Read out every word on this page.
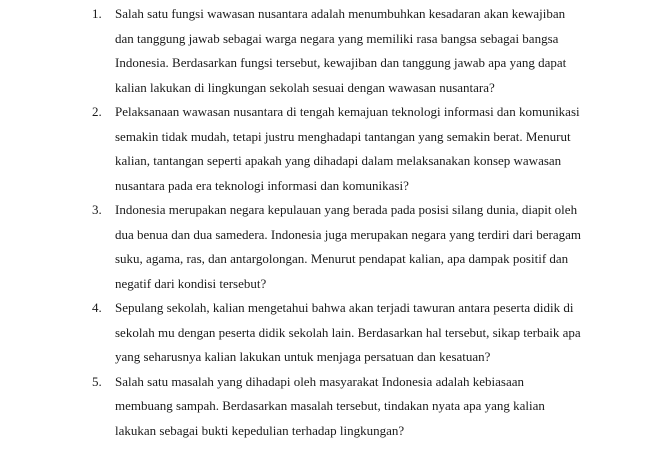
1. Salah satu fungsi wawasan nusantara adalah menumbuhkan kesadaran akan kewajiban
dan tanggung jawab sebagai warga negara yang memiliki rasa bangsa sebagai bangsa
Indonesia. Berdasarkan fungsi tersebut, kewajiban dan tanggung jawab apa yang dapat
kalian lakukan di lingkungan sekolah sesuai dengan wawasan nusantara?
2. Pelaksanaan wawasan nusantara di tengah kemajuan teknologi informasi dan komunikasi
semakin tidak mudah, tetapi justru menghadapi tantangan yang semakin berat. Menurut
kalian, tantangan seperti apakah yang dihadapi dalam melaksanakan konsep wawasan
nusantara pada era teknologi informasi dan komunikasi?
3. Indonesia merupakan negara kepulauan yang berada pada posisi silang dunia, diapit oleh
dua benua dan dua samedera. Indonesia juga merupakan negara yang terdiri dari beragam
suku, agama, ras, dan antargolongan. Menurut pendapat kalian, apa dampak positif dan
negatif dari kondisi tersebut?
4. Sepulang sekolah, kalian mengetahui bahwa akan terjadi tawuran antara peserta didik di
sekolah mu dengan peserta didik sekolah lain. Berdasarkan hal tersebut, sikap terbaik apa
yang seharusnya kalian lakukan untuk menjaga persatuan dan kesatuan?
5. Salah satu masalah yang dihadapi oleh masyarakat Indonesia adalah kebiasaan
membuang sampah. Berdasarkan masalah tersebut, tindakan nyata apa yang kalian
lakukan sebagai bukti kepedulian terhadap lingkungan?
